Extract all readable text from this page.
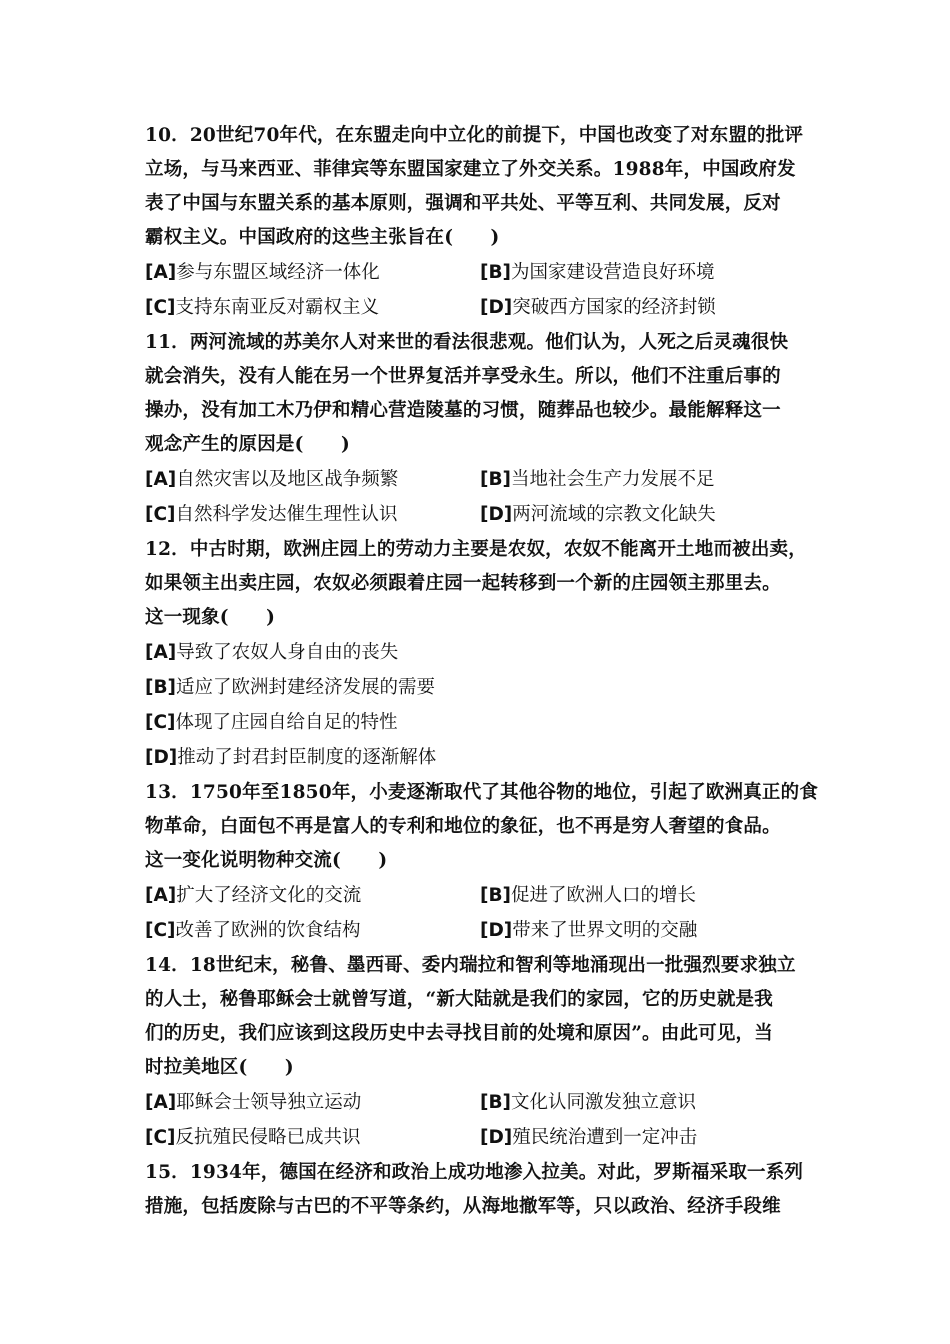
10．20世纪70年代，在东盟走向中立化的前提下，中国也改变了对东盟的批评
立场，与马来西亚、菲律宾等东盟国家建立了外交关系。1988年，中国政府发
表了中国与东盟关系的基本原则，强调和平共处、平等互利、共同发展，反对
霸权主义。中国政府的这些主张旨在(　　)
[A]参与东盟区域经济一体化	[B]为国家建设营造良好环境
[C]支持东南亚反对霸权主义	[D]突破西方国家的经济封锁
11．两河流域的苏美尔人对来世的看法很悲观。他们认为，人死之后灵魂很快
就会消失，没有人能在另一个世界复活并享受永生。所以，他们不注重后事的
操办，没有加工木乃伊和精心营造陵墓的习惯，随葬品也较少。最能解释这一
观念产生的原因是(　　)
[A]自然灾害以及地区战争频繁	[B]当地社会生产力发展不足
[C]自然科学发达催生理性认识	[D]两河流域的宗教文化缺失
12．中古时期，欧洲庄园上的劳动力主要是农奴，农奴不能离开土地而被出卖，
如果领主出卖庄园，农奴必须跟着庄园一起转移到一个新的庄园领主那里去。
这一现象(　　)
[A]导致了农奴人身自由的丧失
[B]适应了欧洲封建经济发展的需要
[C]体现了庄园自给自足的特性
[D]推动了封君封臣制度的逐渐解体
13．1750年至1850年，小麦逐渐取代了其他谷物的地位，引起了欧洲真正的食
物革命，白面包不再是富人的专利和地位的象征，也不再是穷人奢望的食品。
这一变化说明物种交流(　　)
[A]扩大了经济文化的交流	[B]促进了欧洲人口的增长
[C]改善了欧洲的饮食结构	[D]带来了世界文明的交融
14．18世纪末，秘鲁、墨西哥、委内瑞拉和智利等地涌现出一批强烈要求独立
的人士，秘鲁耶稣会士就曾写道，“新大陆就是我们的家园，它的历史就是我
们的历史，我们应该到这段历史中去寻找目前的处境和原因”。由此可见，当
时拉美地区(　　)
[A]耶稣会士领导独立运动	[B]文化认同激发独立意识
[C]反抗殖民侵略已成共识	[D]殖民统治遭到一定冲击
15．1934年，德国在经济和政治上成功地渗入拉美。对此，罗斯福采取一系列
措施，包括废除与古巴的不平等条约，从海地撤军等，只以政治、经济手段维
